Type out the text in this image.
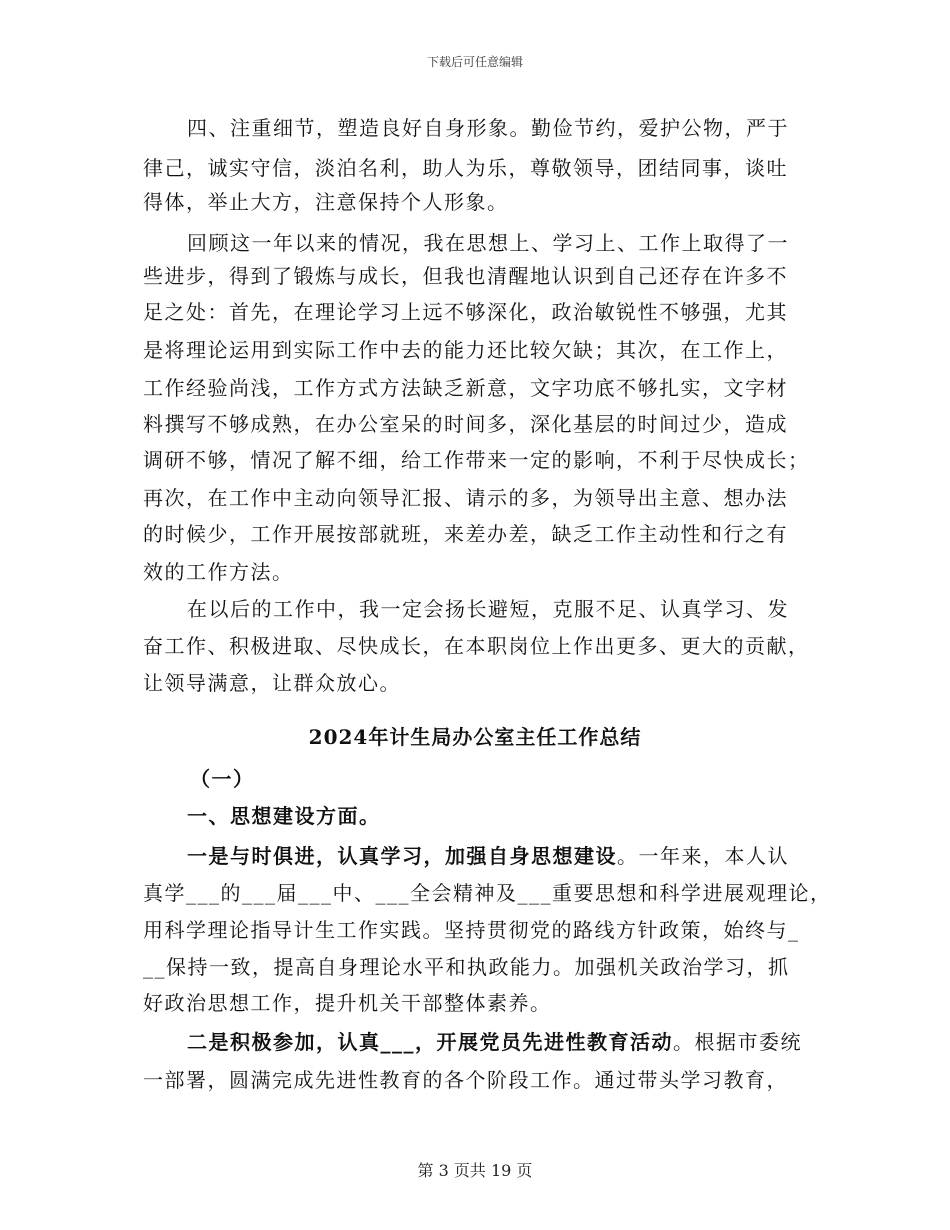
下载后可任意编辑
四、注重细节，塑造良好自身形象。勤俭节约，爱护公物，严于
律己，诚实守信，淡泊名利，助人为乐，尊敬领导，团结同事，谈吐
得体，举止大方，注意保持个人形象。
回顾这一年以来的情况，我在思想上、学习上、工作上取得了一
些进步，得到了锻炼与成长，但我也清醒地认识到自己还存在许多不
足之处：首先，在理论学习上远不够深化，政治敏锐性不够强，尤其
是将理论运用到实际工作中去的能力还比较欠缺；其次，在工作上，
工作经验尚浅，工作方式方法缺乏新意，文字功底不够扎实，文字材
料撰写不够成熟，在办公室呆的时间多，深化基层的时间过少，造成
调研不够，情况了解不细，给工作带来一定的影响，不利于尽快成长；
再次，在工作中主动向领导汇报、请示的多，为领导出主意、想办法
的时候少，工作开展按部就班，来差办差，缺乏工作主动性和行之有
效的工作方法。
在以后的工作中，我一定会扬长避短，克服不足、认真学习、发
奋工作、积极进取、尽快成长，在本职岗位上作出更多、更大的贡献，
让领导满意，让群众放心。
2024年计生局办公室主任工作总结
（一）
一、思想建设方面。
一是与时俱进，认真学习，加强自身思想建设。一年来，本人认
真学___的___届___中、___全会精神及___重要思想和科学进展观理论，
用科学理论指导计生工作实践。坚持贯彻党的路线方针政策，始终与_
__保持一致，提高自身理论水平和执政能力。加强机关政治学习，抓
好政治思想工作，提升机关干部整体素养。
二是积极参加，认真___，开展党员先进性教育活动。根据市委统
一部署，圆满完成先进性教育的各个阶段工作。通过带头学习教育，
第 3 页共 19 页
